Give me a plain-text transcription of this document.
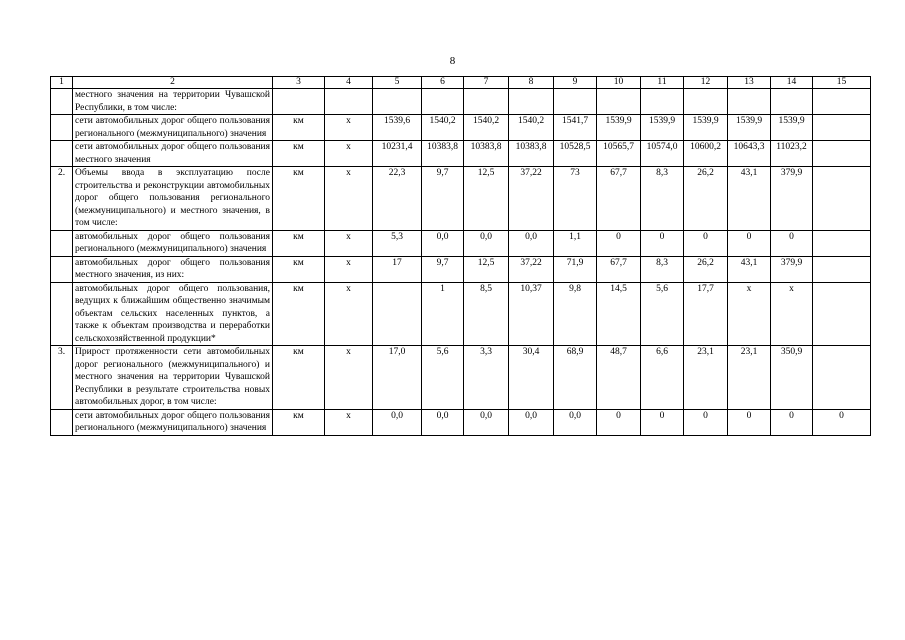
8
1	2	3	4	5	6	7	8	9	10	11	12	13	14	15
	местного значения на территории Чувашской Республики, в том числе:													
	сети автомобильных дорог общего пользования регионального (межмуниципального) значения	км	х	1539,6	1540,2	1540,2	1540,2	1541,7	1539,9	1539,9	1539,9	1539,9	1539,9	
	сети автомобильных дорог общего пользования местного значения	км	х	10231,4	10383,8	10383,8	10383,8	10528,5	10565,7	10574,0	10600,2	10643,3	11023,2	
2.	Объемы ввода в эксплуатацию после строительства и реконструкции автомобильных дорог общего пользования регионального (межмуниципального) и местного значения, в том числе:	км	х	22,3	9,7	12,5	37,22	73	67,7	8,3	26,2	43,1	379,9	
	автомобильных дорог общего пользования регионального (межмуниципального) значения	км	х	5,3	0,0	0,0	0,0	1,1	0	0	0	0	0	
	автомобильных дорог общего пользования местного значения, из них:	км	х	17	9,7	12,5	37,22	71,9	67,7	8,3	26,2	43,1	379,9	
	автомобильных дорог общего пользования, ведущих к ближайшим общественно значимым объектам сельских населенных пунктов, а также к объектам производства и переработки сельскохозяйственной продукции*	км	х		1	8,5	10,37	9,8	14,5	5,6	17,7	х	х	
3.	Прирост протяженности сети автомобильных дорог регионального (межмуниципального) и местного значения на территории Чувашской Республики в результате строительства новых автомобильных дорог, в том числе:	км	х	17,0	5,6	3,3	30,4	68,9	48,7	6,6	23,1	23,1	350,9	
	сети автомобильных дорог общего пользования регионального (межмуниципального) значения	км	х	0,0	0,0	0,0	0,0	0,0	0	0	0	0	0	0
